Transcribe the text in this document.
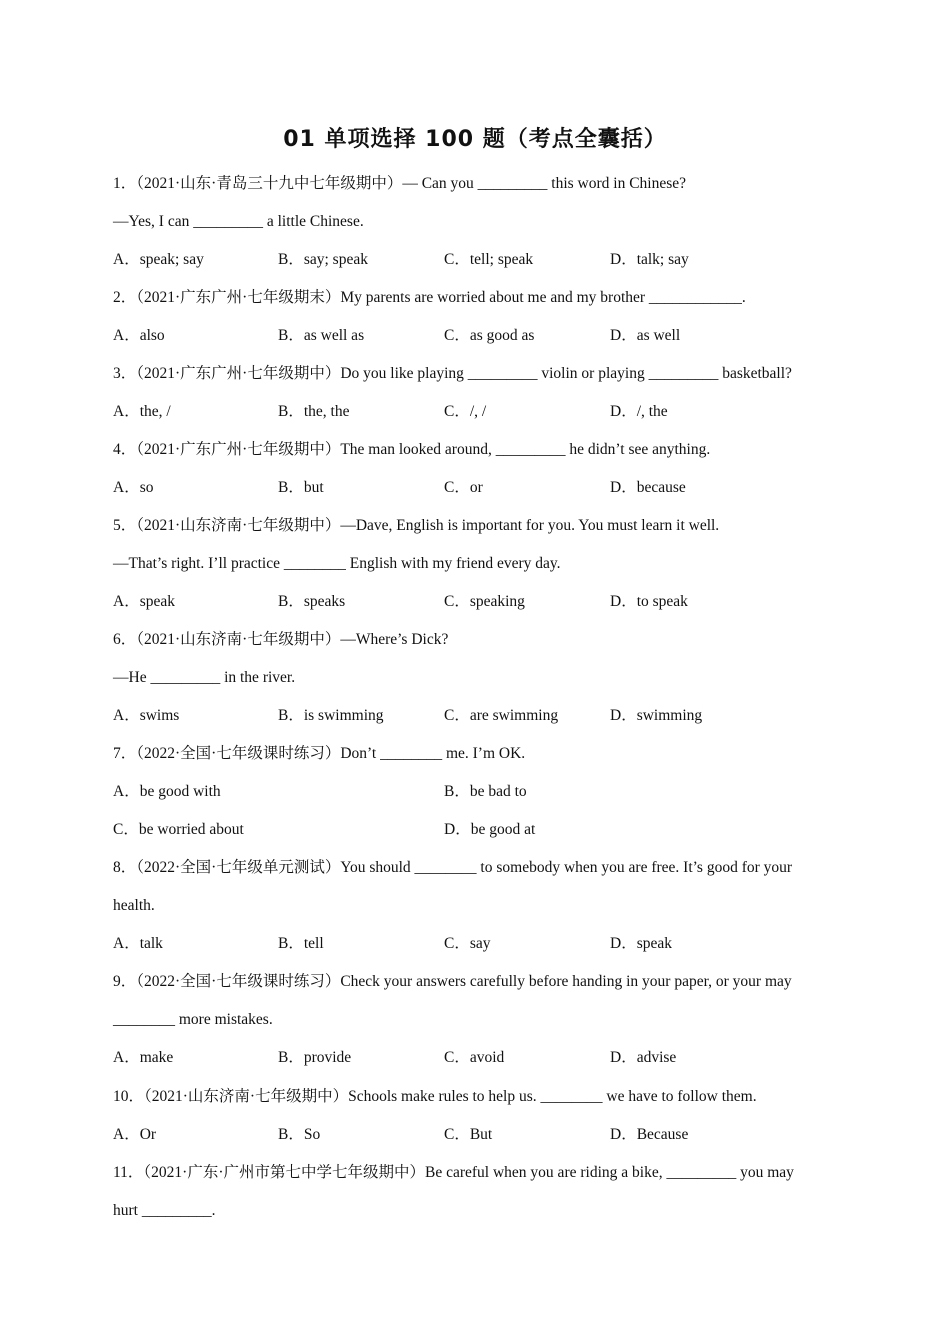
01 单项选择 100 题（考点全囊括）
1．（2021·山东·青岛三十九中七年级期中）— Can you _________ this word in Chinese?
—Yes, I can _________ a little Chinese.
A．speak; say	B．say; speak	C．tell; speak	D．talk; say
2．（2021·广东广州·七年级期末）My parents are worried about me and my brother ____________.
A．also	B．as well as	C．as good as	D．as well
3．（2021·广东广州·七年级期中）Do you like playing _________ violin or playing _________ basketball?
A．the, /	B．the, the	C．/, /	D．/, the
4．（2021·广东广州·七年级期中）The man looked around, _________ he didn’t see anything.
A．so	B．but	C．or	D．because
5．（2021·山东济南·七年级期中）—Dave, English is important for you. You must learn it well.
—That’s right. I’ll practice ________ English with my friend every day.
A．speak	B．speaks	C．speaking	D．to speak
6．（2021·山东济南·七年级期中）—Where’s Dick?
—He _________ in the river.
A．swims	B．is swimming	C．are swimming	D．swimming
7．（2022·全国·七年级课时练习）Don’t ________ me. I’m OK.
A．be good with	B．be bad to
C．be worried about	D．be good at
8．（2022·全国·七年级单元测试）You should ________ to somebody when you are free. It’s good for your
health.
A．talk	B．tell	C．say	D．speak
9．（2022·全国·七年级课时练习）Check your answers carefully before handing in your paper, or your may
________ more mistakes.
A．make	B．provide	C．avoid	D．advise
10．（2021·山东济南·七年级期中）Schools make rules to help us. ________ we have to follow them.
A．Or	B．So	C．But	D．Because
11．（2021·广东·广州市第七中学七年级期中）Be careful when you are riding a bike, _________ you may
hurt _________.
